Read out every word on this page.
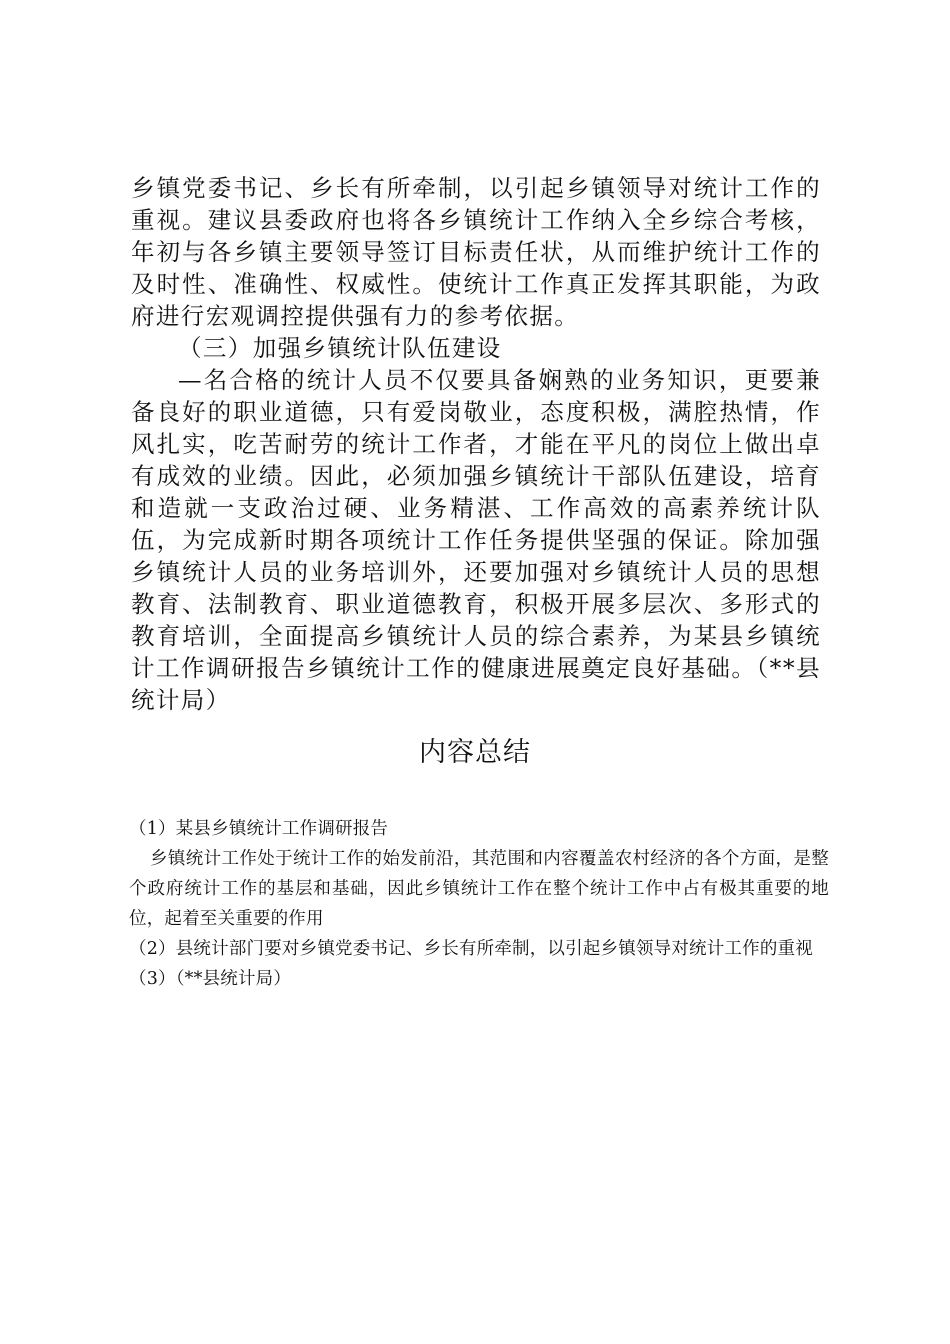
乡镇党委书记、乡长有所牵制，以引起乡镇领导对统计工作的重视。建议县委政府也将各乡镇统计工作纳入全乡综合考核，年初与各乡镇主要领导签订目标责任状，从而维护统计工作的及时性、准确性、权威性。使统计工作真正发挥其职能，为政府进行宏观调控提供强有力的参考依据。

（三）加强乡镇统计队伍建设

—名合格的统计人员不仅要具备娴熟的业务知识，更要兼备良好的职业道德，只有爱岗敬业，态度积极，满腔热情，作风扎实，吃苦耐劳的统计工作者，才能在平凡的岗位上做出卓有成效的业绩。因此，必须加强乡镇统计干部队伍建设，培育和造就一支政治过硬、业务精湛、工作高效的高素养统计队伍，为完成新时期各项统计工作任务提供坚强的保证。除加强乡镇统计人员的业务培训外，还要加强对乡镇统计人员的思想教育、法制教育、职业道德教育，积极开展多层次、多形式的教育培训，全面提高乡镇统计人员的综合素养，为某县乡镇统计工作调研报告乡镇统计工作的健康进展奠定良好基础。（**县统计局）

内容总结

（1）某县乡镇统计工作调研报告

乡镇统计工作处于统计工作的始发前沿，其范围和内容覆盖农村经济的各个方面，是整个政府统计工作的基层和基础，因此乡镇统计工作在整个统计工作中占有极其重要的地位，起着至关重要的作用

（2）县统计部门要对乡镇党委书记、乡长有所牵制，以引起乡镇领导对统计工作的重视

（3）（**县统计局）
